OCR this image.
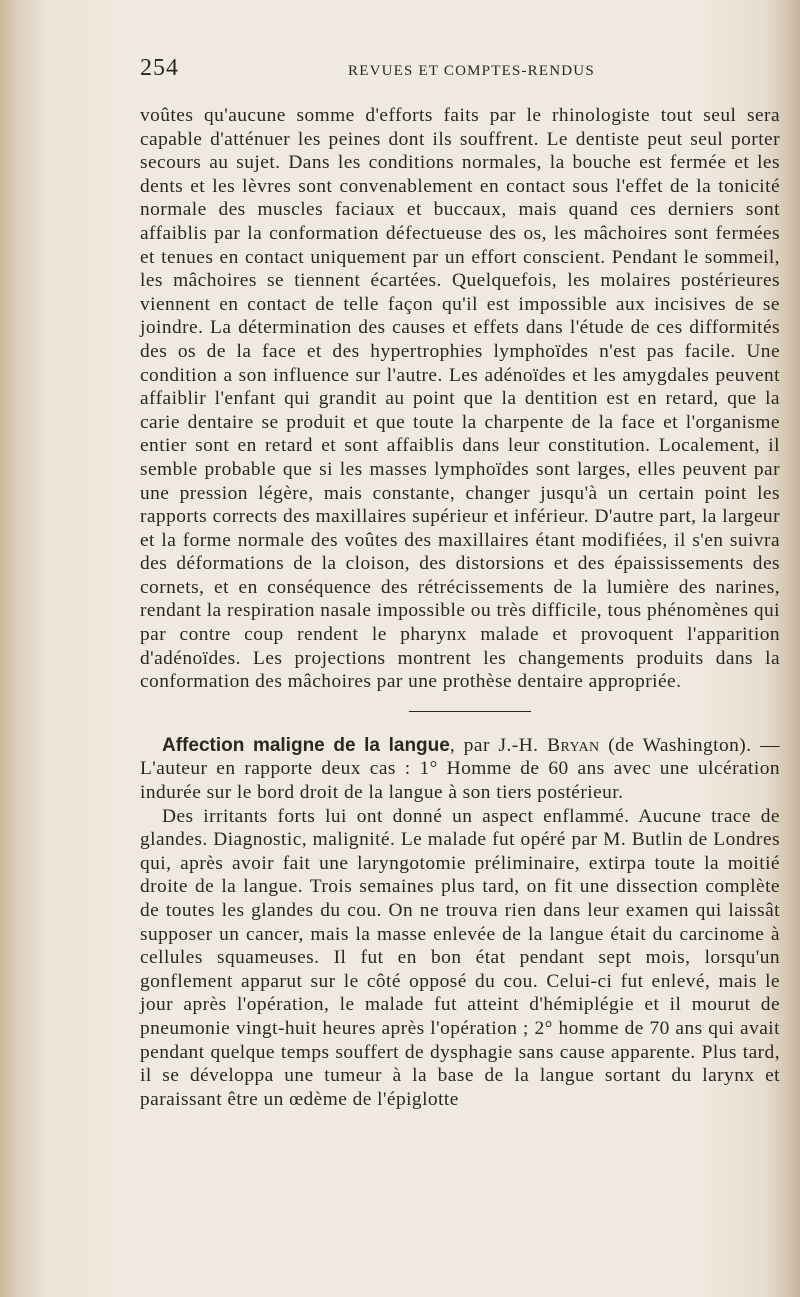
254	REVUES ET COMPTES-RENDUS

voûtes qu'aucune somme d'efforts faits par le rhinologiste tout seul sera capable d'atténuer les peines dont ils souffrent. Le dentiste peut seul porter secours au sujet. Dans les conditions normales, la bouche est fermée et les dents et les lèvres sont convenablement en contact sous l'effet de la tonicité normale des muscles faciaux et buccaux, mais quand ces derniers sont affaiblis par la conformation défectueuse des os, les mâchoires sont fermées et tenues en contact uniquement par un effort conscient. Pendant le sommeil, les mâchoires se tiennent écartées. Quelquefois, les molaires postérieures viennent en contact de telle façon qu'il est impossible aux incisives de se joindre. La détermination des causes et effets dans l'étude de ces difformités des os de la face et des hypertrophies lymphoïdes n'est pas facile. Une condition a son influence sur l'autre. Les adénoïdes et les amygdales peuvent affaiblir l'enfant qui grandit au point que la dentition est en retard, que la carie dentaire se produit et que toute la charpente de la face et l'organisme entier sont en retard et sont affaiblis dans leur constitution. Localement, il semble probable que si les masses lymphoïdes sont larges, elles peuvent par une pression légère, mais constante, changer jusqu'à un certain point les rapports corrects des maxillaires supérieur et inférieur. D'autre part, la largeur et la forme normale des voûtes des maxillaires étant modifiées, il s'en suivra des déformations de la cloison, des distorsions et des épaississements des cornets, et en conséquence des rétrécissements de la lumière des narines, rendant la respiration nasale impossible ou très difficile, tous phénomènes qui par contre coup rendent le pharynx malade et provoquent l'apparition d'adénoïdes. Les projections montrent les changements produits dans la conformation des mâchoires par une prothèse dentaire appropriée.

Affection maligne de la langue, par J.-H. Bryan (de Washington). — L'auteur en rapporte deux cas : 1° Homme de 60 ans avec une ulcération indurée sur le bord droit de la langue à son tiers postérieur.

Des irritants forts lui ont donné un aspect enflammé. Aucune trace de glandes. Diagnostic, malignité. Le malade fut opéré par M. Butlin de Londres qui, après avoir fait une laryngotomie préliminaire, extirpa toute la moitié droite de la langue. Trois semaines plus tard, on fit une dissection complète de toutes les glandes du cou. On ne trouva rien dans leur examen qui laissât supposer un cancer, mais la masse enlevée de la langue était du carcinome à cellules squameuses. Il fut en bon état pendant sept mois, lorsqu'un gonflement apparut sur le côté opposé du cou. Celui-ci fut enlevé, mais le jour après l'opération, le malade fut atteint d'hémiplégie et il mourut de pneumonie vingt-huit heures après l'opération ; 2° homme de 70 ans qui avait pendant quelque temps souffert de dysphagie sans cause apparente. Plus tard, il se développa une tumeur à la base de la langue sortant du larynx et paraissant être un œdème de l'épiglotte
